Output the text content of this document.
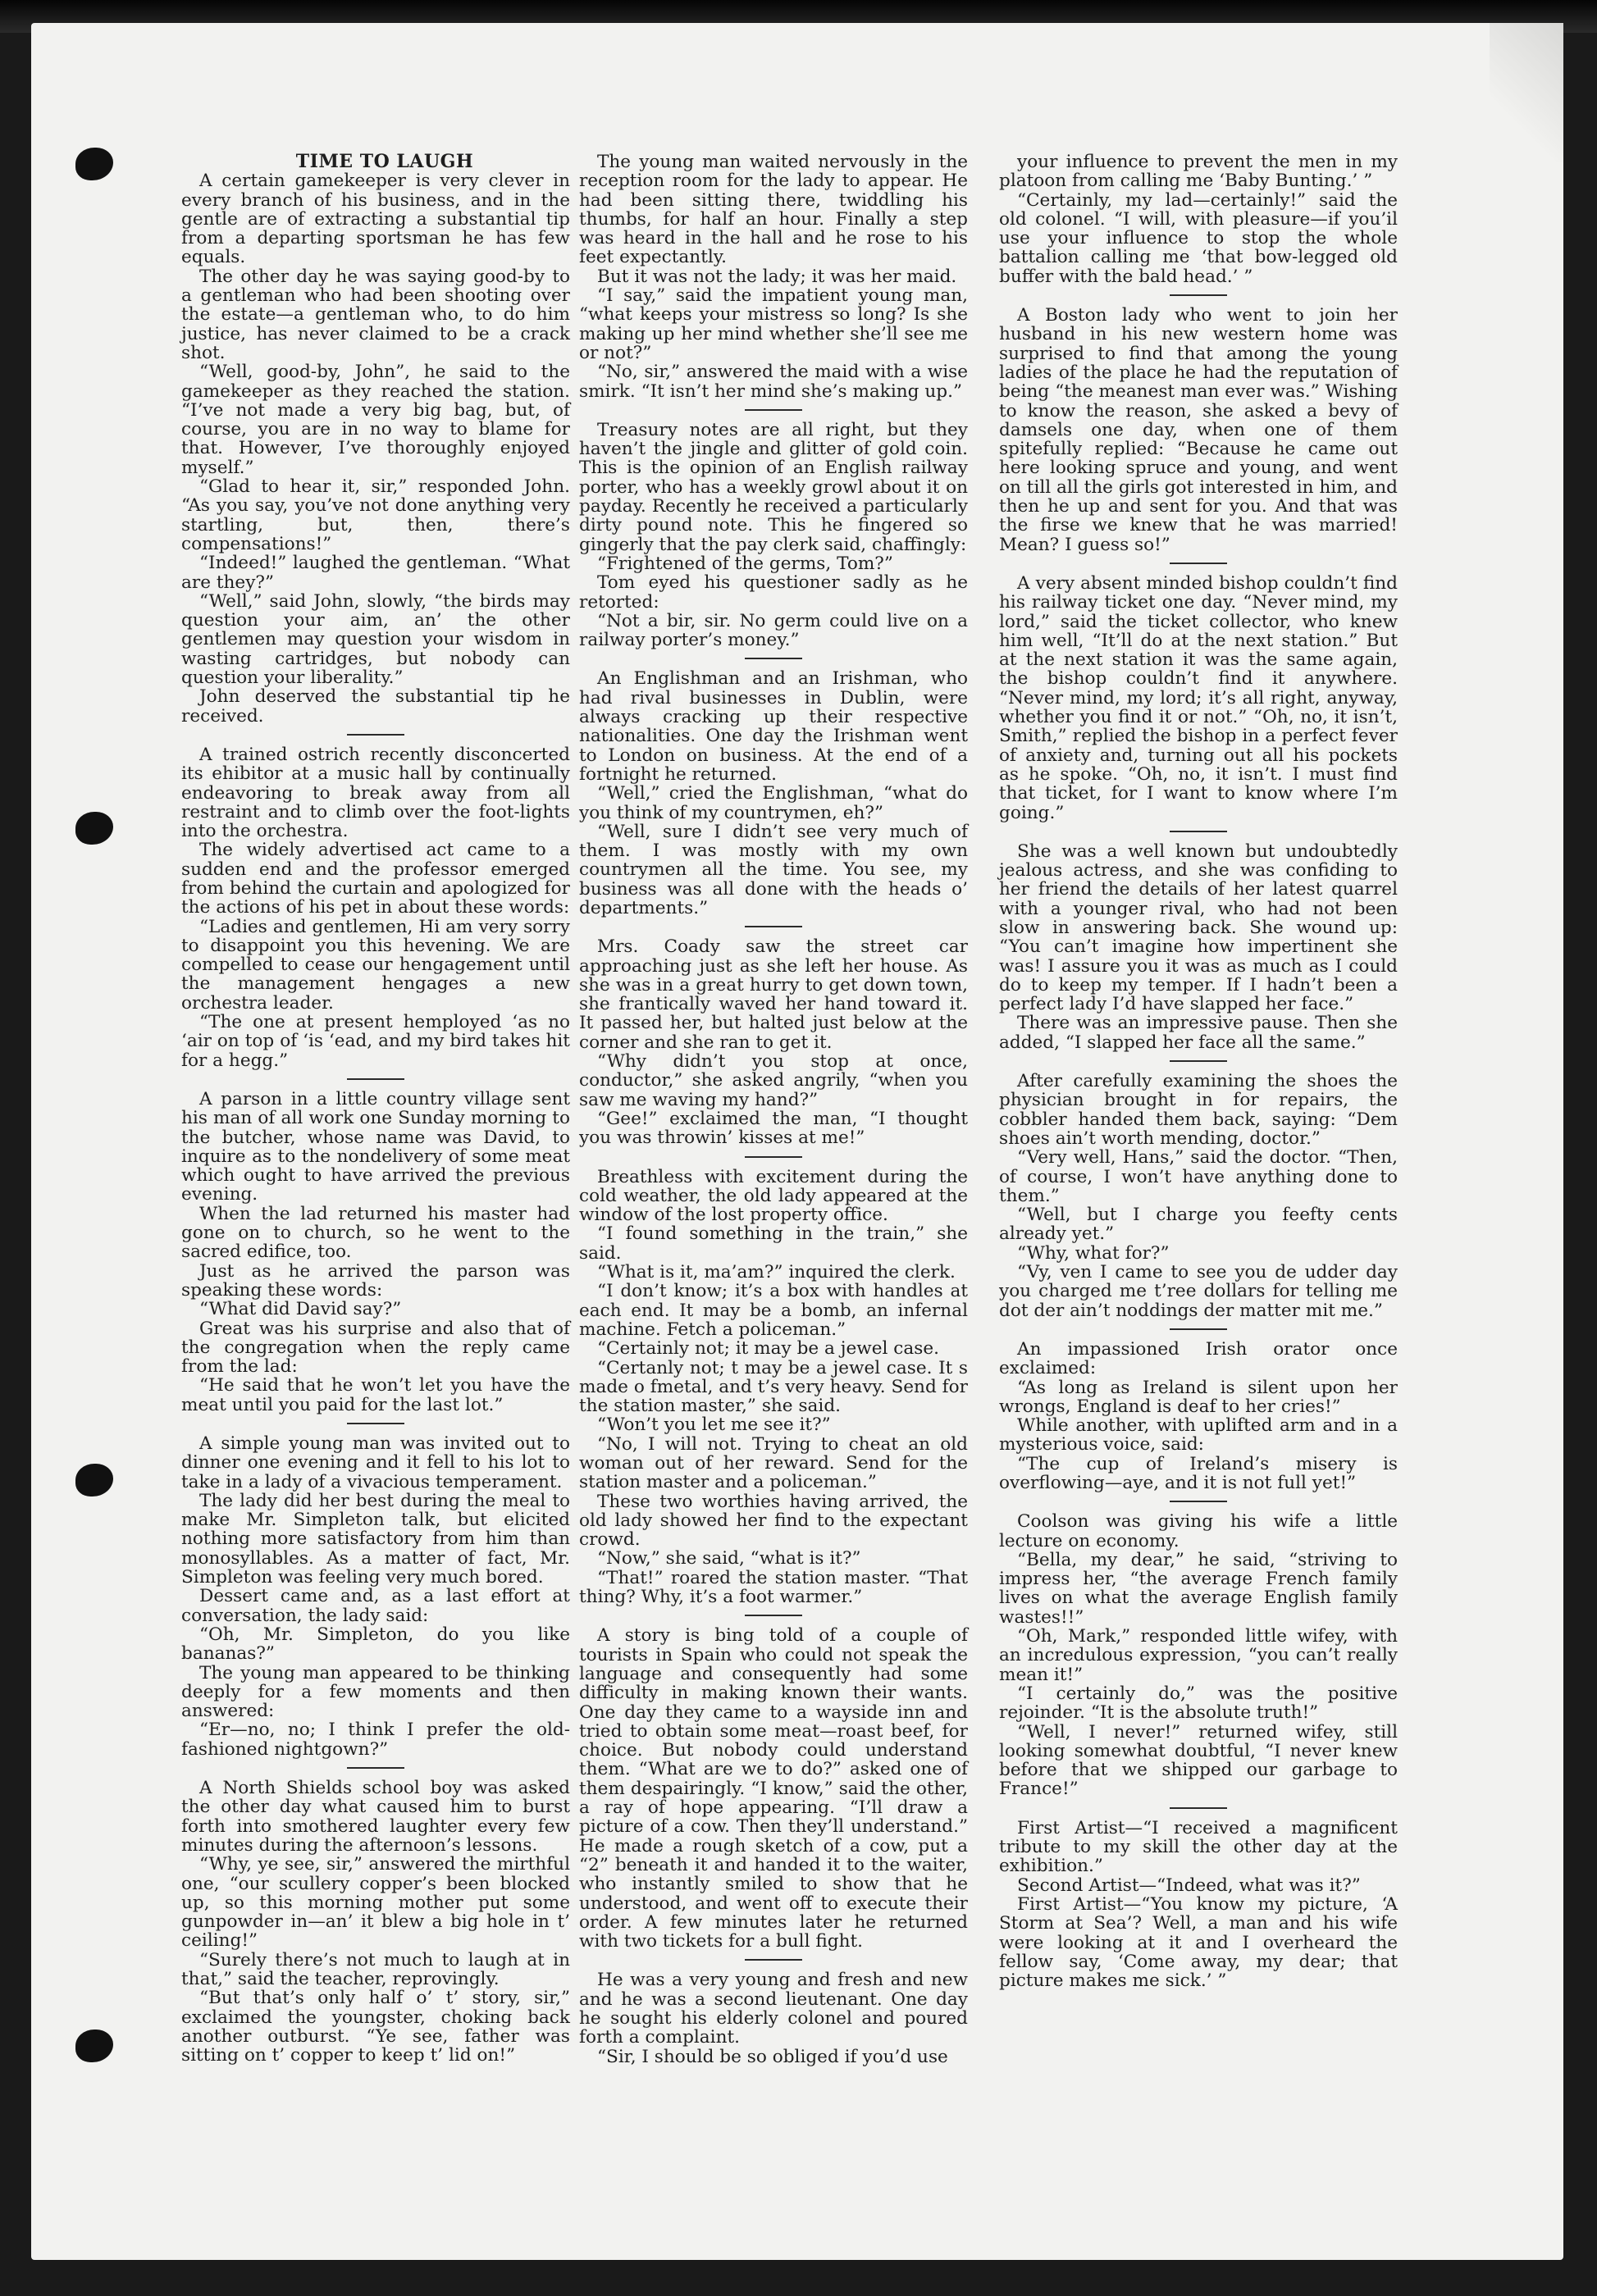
TIME TO LAUGH

A certain gamekeeper is very clever in every branch of his business, and in the gentle are of extracting a substantial tip from a departing sportsman he has few equals.

The other day he was saying good-by to a gentleman who had been shooting over the estate—a gentleman who, to do him justice, has never claimed to be a crack shot.

“Well, good-by, John”, he said to the gamekeeper as they reached the station. “I’ve not made a very big bag, but, of course, you are in no way to blame for that. However, I’ve thoroughly enjoyed myself.”

“Glad to hear it, sir,” responded John. “As you say, you’ve not done anything very startling, but, then, there’s compensations!”

“Indeed!” laughed the gentleman. “What are they?”

“Well,” said John, slowly, “the birds may question your aim, an’ the other gentlemen may question your wisdom in wasting cartridges, but nobody can question your liberality.”

John deserved the substantial tip he received.

A trained ostrich recently disconcerted its ehibitor at a music hall by continually endeavoring to break away from all restraint and to climb over the foot-lights into the orchestra.

The widely advertised act came to a sudden end and the professor emerged from behind the curtain and apologized for the actions of his pet in about these words:

“Ladies and gentlemen, Hi am very sorry to disappoint you this hevening. We are compelled to cease our hengagement until the management hengages a new orchestra leader.

“The one at present hemployed ‘as no ‘air on top of ‘is ‘ead, and my bird takes hit for a hegg.”

A parson in a little country village sent his man of all work one Sunday morning to the butcher, whose name was David, to inquire as to the nondelivery of some meat which ought to have arrived the previous evening.

When the lad returned his master had gone on to church, so he went to the sacred edifice, too.

Just as he arrived the parson was speaking these words:

“What did David say?”

Great was his surprise and also that of the congregation when the reply came from the lad:

“He said that he won’t let you have the meat until you paid for the last lot.”

A simple young man was invited out to dinner one evening and it fell to his lot to take in a lady of a vivacious temperament.

The lady did her best during the meal to make Mr. Simpleton talk, but elicited nothing more satisfactory from him than monosyllables. As a matter of fact, Mr. Simpleton was feeling very much bored.

Dessert came and, as a last effort at conversation, the lady said:

“Oh, Mr. Simpleton, do you like bananas?”

The young man appeared to be thinking deeply for a few moments and then answered:

“Er—no, no; I think I prefer the old-fashioned nightgown?”

A North Shields school boy was asked the other day what caused him to burst forth into smothered laughter every few minutes during the afternoon’s lessons.

“Why, ye see, sir,” answered the mirthful one, “our scullery copper’s been blocked up, so this morning mother put some gunpowder in—an’ it blew a big hole in t’ ceiling!”

“Surely there’s not much to laugh at in that,” said the teacher, reprovingly.

“But that’s only half o’ t’ story, sir,” exclaimed the youngster, choking back another outburst. “Ye see, father was sitting on t’ copper to keep t’ lid on!”

The young man waited nervously in the reception room for the lady to appear. He had been sitting there, twiddling his thumbs, for half an hour. Finally a step was heard in the hall and he rose to his feet expectantly.

But it was not the lady; it was her maid.

“I say,” said the impatient young man, “what keeps your mistress so long? Is she making up her mind whether she’ll see me or not?”

“No, sir,” answered the maid with a wise smirk. “It isn’t her mind she’s making up.”

Treasury notes are all right, but they haven’t the jingle and glitter of gold coin. This is the opinion of an English railway porter, who has a weekly growl about it on payday. Recently he received a particularly dirty pound note. This he fingered so gingerly that the pay clerk said, chaffingly:

“Frightened of the germs, Tom?”

Tom eyed his questioner sadly as he retorted:

“Not a bir, sir. No germ could live on a railway porter’s money.”

An Englishman and an Irishman, who had rival businesses in Dublin, were always cracking up their respective nationalities. One day the Irishman went to London on business. At the end of a fortnight he returned.

“Well,” cried the Englishman, “what do you think of my countrymen, eh?”

“Well, sure I didn’t see very much of them. I was mostly with my own countrymen all the time. You see, my business was all done with the heads o’ departments.”

Mrs. Coady saw the street car approaching just as she left her house. As she was in a great hurry to get down town, she frantically waved her hand toward it. It passed her, but halted just below at the corner and she ran to get it.

“Why didn’t you stop at once, conductor,” she asked angrily, “when you saw me waving my hand?”

“Gee!” exclaimed the man, “I thought you was throwin’ kisses at me!”

Breathless with excitement during the cold weather, the old lady appeared at the window of the lost property office.

“I found something in the train,” she said.

“What is it, ma’am?” inquired the clerk.

“I don’t know; it’s a box with handles at each end. It may be a bomb, an infernal machine. Fetch a policeman.”

“Certainly not; it may be a jewel case.

“Certanly not; t may be a jewel case. It s made o fmetal, and t’s very heavy. Send for the station master,” she said.

“Won’t you let me see it?”

“No, I will not. Trying to cheat an old woman out of her reward. Send for the station master and a policeman.”

These two worthies having arrived, the old lady showed her find to the expectant crowd.

“Now,” she said, “what is it?”

“That!” roared the station master. “That thing? Why, it’s a foot warmer.”

A story is bing told of a couple of tourists in Spain who could not speak the language and consequently had some difficulty in making known their wants. One day they came to a wayside inn and tried to obtain some meat—roast beef, for choice. But nobody could understand them. “What are we to do?” asked one of them despairingly. “I know,” said the other, a ray of hope appearing. “I’ll draw a picture of a cow. Then they’ll understand.” He made a rough sketch of a cow, put a “2” beneath it and handed it to the waiter, who instantly smiled to show that he understood, and went off to execute their order. A few minutes later he returned with two tickets for a bull fight.

He was a very young and fresh and new and he was a second lieutenant. One day he sought his elderly colonel and poured forth a complaint.

“Sir, I should be so obliged if you’d use

your influence to prevent the men in my platoon from calling me ‘Baby Bunting.’ ”

“Certainly, my lad—certainly!” said the old colonel. “I will, with pleasure—if you’il use your influence to stop the whole battalion calling me ‘that bow-legged old buffer with the bald head.’ ”

A Boston lady who went to join her husband in his new western home was surprised to find that among the young ladies of the place he had the reputation of being “the meanest man ever was.” Wishing to know the reason, she asked a bevy of damsels one day, when one of them spitefully replied: “Because he came out here looking spruce and young, and went on till all the girls got interested in him, and then he up and sent for you. And that was the firse we knew that he was married! Mean? I guess so!”

A very absent minded bishop couldn’t find his railway ticket one day. “Never mind, my lord,” said the ticket collector, who knew him well, “It’ll do at the next station.” But at the next station it was the same again, the bishop couldn’t find it anywhere. “Never mind, my lord; it’s all right, anyway, whether you find it or not.” “Oh, no, it isn’t, Smith,” replied the bishop in a perfect fever of anxiety and, turning out all his pockets as he spoke. “Oh, no, it isn’t. I must find that ticket, for I want to know where I’m going.”

She was a well known but undoubtedly jealous actress, and she was confiding to her friend the details of her latest quarrel with a younger rival, who had not been slow in answering back. She wound up: “You can’t imagine how impertinent she was! I assure you it was as much as I could do to keep my temper. If I hadn’t been a perfect lady I’d have slapped her face.”

There was an impressive pause. Then she added, “I slapped her face all the same.”

After carefully examining the shoes the physician brought in for repairs, the cobbler handed them back, saying: “Dem shoes ain’t worth mending, doctor.”

“Very well, Hans,” said the doctor. “Then, of course, I won’t have anything done to them.”

“Well, but I charge you feefty cents already yet.”

“Why, what for?”

“Vy, ven I came to see you de udder day you charged me t’ree dollars for telling me dot der ain’t noddings der matter mit me.”

An impassioned Irish orator once exclaimed:

“As long as Ireland is silent upon her wrongs, England is deaf to her cries!”

While another, with uplifted arm and in a mysterious voice, said:

“The cup of Ireland’s misery is overflowing—aye, and it is not full yet!”

Coolson was giving his wife a little lecture on economy.

“Bella, my dear,” he said, “striving to impress her, “the average French family lives on what the average English family wastes!!”

“Oh, Mark,” responded little wifey, with an incredulous expression, “you can’t really mean it!”

“I certainly do,” was the positive rejoinder. “It is the absolute truth!”

“Well, I never!” returned wifey, still looking somewhat doubtful, “I never knew before that we shipped our garbage to France!”

First Artist—“I received a magnificent tribute to my skill the other day at the exhibition.”

Second Artist—“Indeed, what was it?”

First Artist—“You know my picture, ‘A Storm at Sea’? Well, a man and his wife were looking at it and I overheard the fellow say, ‘Come away, my dear; that picture makes me sick.’ ”
